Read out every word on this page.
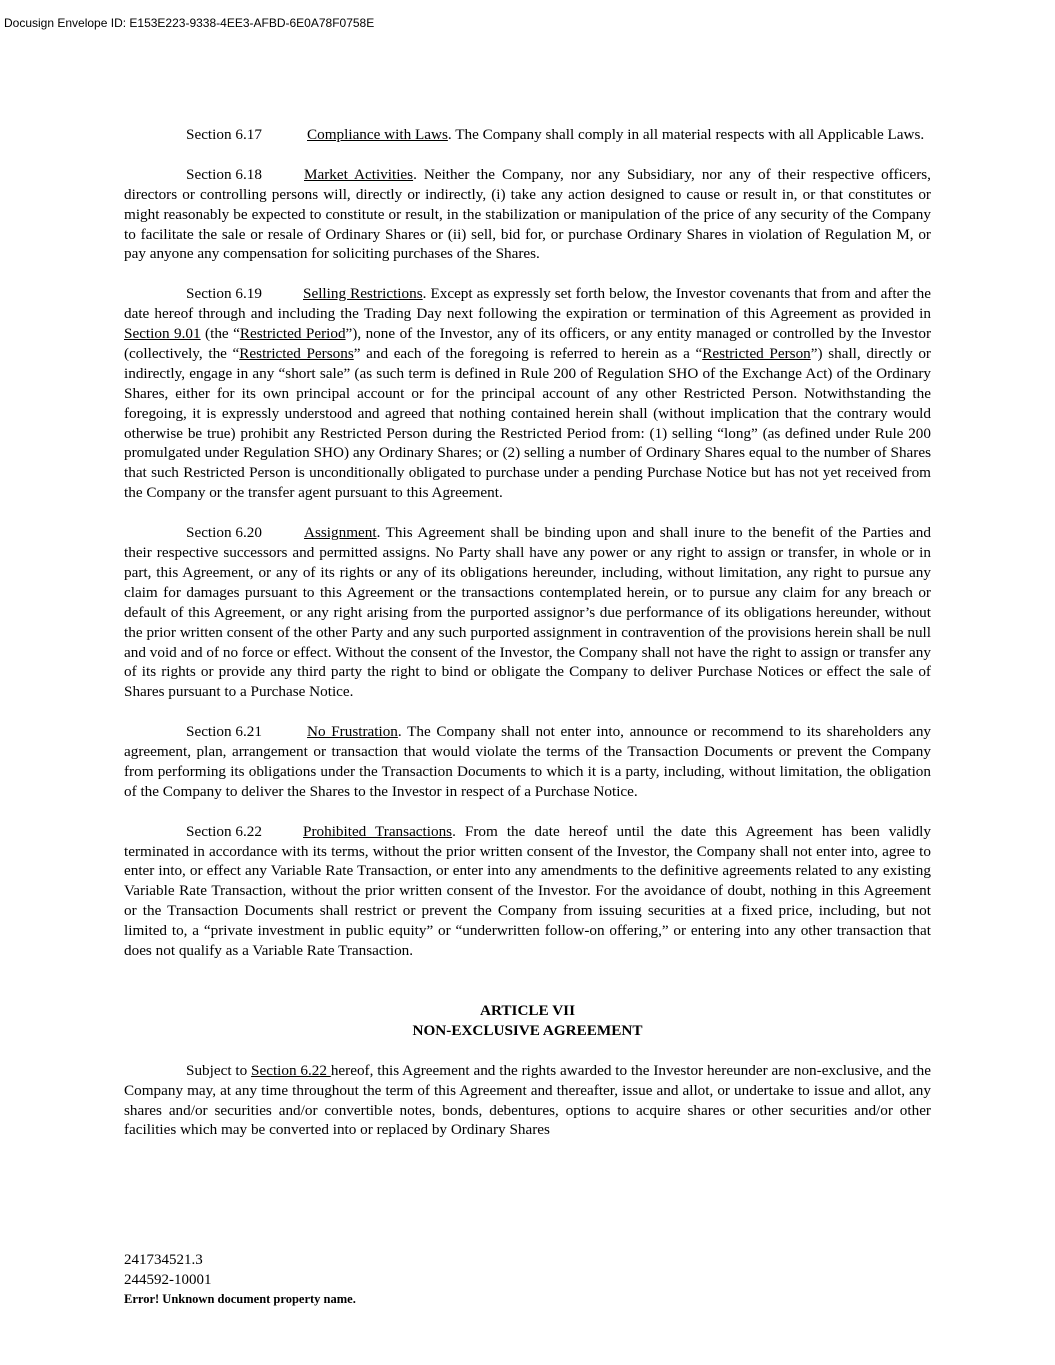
Docusign Envelope ID: E153E223-9338-4EE3-AFBD-6E0A78F0758E

Section 6.17	Compliance with Laws. The Company shall comply in all material respects with all Applicable Laws.

Section 6.18	Market Activities. Neither the Company, nor any Subsidiary, nor any of their respective officers, directors or controlling persons will, directly or indirectly, (i) take any action designed to cause or result in, or that constitutes or might reasonably be expected to constitute or result, in the stabilization or manipulation of the price of any security of the Company to facilitate the sale or resale of Ordinary Shares or (ii) sell, bid for, or purchase Ordinary Shares in violation of Regulation M, or pay anyone any compensation for soliciting purchases of the Shares.

Section 6.19	Selling Restrictions. Except as expressly set forth below, the Investor covenants that from and after the date hereof through and including the Trading Day next following the expiration or termination of this Agreement as provided in Section 9.01 (the “Restricted Period”), none of the Investor, any of its officers, or any entity managed or controlled by the Investor (collectively, the “Restricted Persons” and each of the foregoing is referred to herein as a “Restricted Person”) shall, directly or indirectly, engage in any “short sale” (as such term is defined in Rule 200 of Regulation SHO of the Exchange Act) of the Ordinary Shares, either for its own principal account or for the principal account of any other Restricted Person. Notwithstanding the foregoing, it is expressly understood and agreed that nothing contained herein shall (without implication that the contrary would otherwise be true) prohibit any Restricted Person during the Restricted Period from: (1) selling “long” (as defined under Rule 200 promulgated under Regulation SHO) any Ordinary Shares; or (2) selling a number of Ordinary Shares equal to the number of Shares that such Restricted Person is unconditionally obligated to purchase under a pending Purchase Notice but has not yet received from the Company or the transfer agent pursuant to this Agreement.

Section 6.20	Assignment. This Agreement shall be binding upon and shall inure to the benefit of the Parties and their respective successors and permitted assigns. No Party shall have any power or any right to assign or transfer, in whole or in part, this Agreement, or any of its rights or any of its obligations hereunder, including, without limitation, any right to pursue any claim for damages pursuant to this Agreement or the transactions contemplated herein, or to pursue any claim for any breach or default of this Agreement, or any right arising from the purported assignor’s due performance of its obligations hereunder, without the prior written consent of the other Party and any such purported assignment in contravention of the provisions herein shall be null and void and of no force or effect. Without the consent of the Investor, the Company shall not have the right to assign or transfer any of its rights or provide any third party the right to bind or obligate the Company to deliver Purchase Notices or effect the sale of Shares pursuant to a Purchase Notice.

Section 6.21	No Frustration. The Company shall not enter into, announce or recommend to its shareholders any agreement, plan, arrangement or transaction that would violate the terms of the Transaction Documents or prevent the Company from performing its obligations under the Transaction Documents to which it is a party, including, without limitation, the obligation of the Company to deliver the Shares to the Investor in respect of a Purchase Notice.

Section 6.22	Prohibited Transactions. From the date hereof until the date this Agreement has been validly terminated in accordance with its terms, without the prior written consent of the Investor, the Company shall not enter into, agree to enter into, or effect any Variable Rate Transaction, or enter into any amendments to the definitive agreements related to any existing Variable Rate Transaction, without the prior written consent of the Investor. For the avoidance of doubt, nothing in this Agreement or the Transaction Documents shall restrict or prevent the Company from issuing securities at a fixed price, including, but not limited to, a “private investment in public equity” or “underwritten follow-on offering,” or entering into any other transaction that does not qualify as a Variable Rate Transaction.

ARTICLE VII
NON-EXCLUSIVE AGREEMENT

Subject to Section 6.22 hereof, this Agreement and the rights awarded to the Investor hereunder are non-exclusive, and the Company may, at any time throughout the term of this Agreement and thereafter, issue and allot, or undertake to issue and allot, any shares and/or securities and/or convertible notes, bonds, debentures, options to acquire shares or other securities and/or other facilities which may be converted into or replaced by Ordinary Shares

241734521.3
244592-10001
Error! Unknown document property name.
